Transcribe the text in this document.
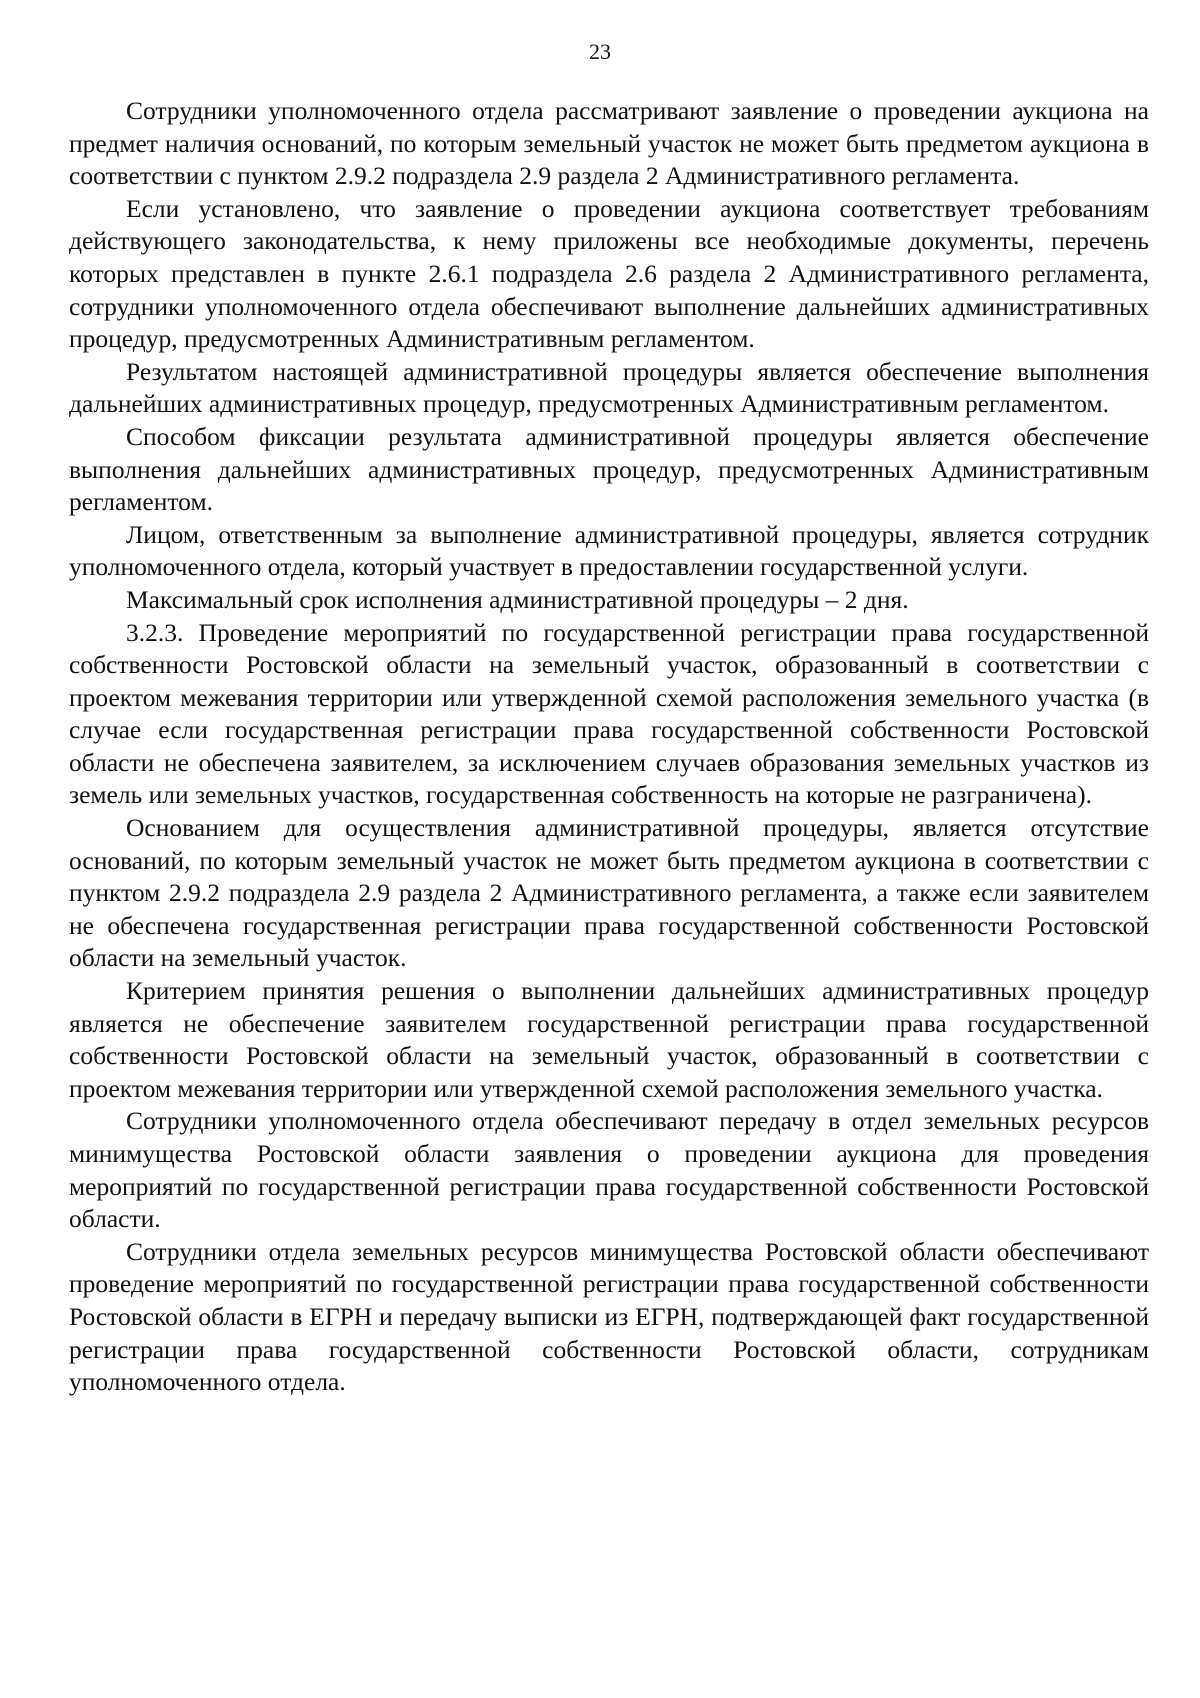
23

Сотрудники уполномоченного отдела рассматривают заявление о проведении аукциона на предмет наличия оснований, по которым земельный участок не может быть предметом аукциона в соответствии с пунктом 2.9.2 подраздела 2.9 раздела 2 Административного регламента.

Если установлено, что заявление о проведении аукциона соответствует требованиям действующего законодательства, к нему приложены все необходимые документы, перечень которых представлен в пункте 2.6.1 подраздела 2.6 раздела 2 Административного регламента, сотрудники уполномоченного отдела обеспечивают выполнение дальнейших административных процедур, предусмотренных Административным регламентом.

Результатом настоящей административной процедуры является обеспечение выполнения дальнейших административных процедур, предусмотренных Административным регламентом.

Способом фиксации результата административной процедуры является обеспечение выполнения дальнейших административных процедур, предусмотренных Административным регламентом.

Лицом, ответственным за выполнение административной процедуры, является сотрудник уполномоченного отдела, который участвует в предоставлении государственной услуги.

Максимальный срок исполнения административной процедуры – 2 дня.

3.2.3. Проведение мероприятий по государственной регистрации права государственной собственности Ростовской области на земельный участок, образованный в соответствии с проектом межевания территории или утвержденной схемой расположения земельного участка (в случае если государственная регистрации права государственной собственности Ростовской области не обеспечена заявителем, за исключением случаев образования земельных участков из земель или земельных участков, государственная собственность на которые не разграничена).

Основанием для осуществления административной процедуры, является отсутствие оснований, по которым земельный участок не может быть предметом аукциона в соответствии с пунктом 2.9.2 подраздела 2.9 раздела 2 Административного регламента, а также если заявителем не обеспечена государственная регистрации права государственной собственности Ростовской области на земельный участок.

Критерием принятия решения о выполнении дальнейших административных процедур является не обеспечение заявителем государственной регистрации права государственной собственности Ростовской области на земельный участок, образованный в соответствии с проектом межевания территории или утвержденной схемой расположения земельного участка.

Сотрудники уполномоченного отдела обеспечивают передачу в отдел земельных ресурсов минимущества Ростовской области заявления о проведении аукциона для проведения мероприятий по государственной регистрации права государственной собственности Ростовской области.

Сотрудники отдела земельных ресурсов минимущества Ростовской области обеспечивают проведение мероприятий по государственной регистрации права государственной собственности Ростовской области в ЕГРН и передачу выписки из ЕГРН, подтверждающей факт государственной регистрации права государственной собственности Ростовской области, сотрудникам уполномоченного отдела.
